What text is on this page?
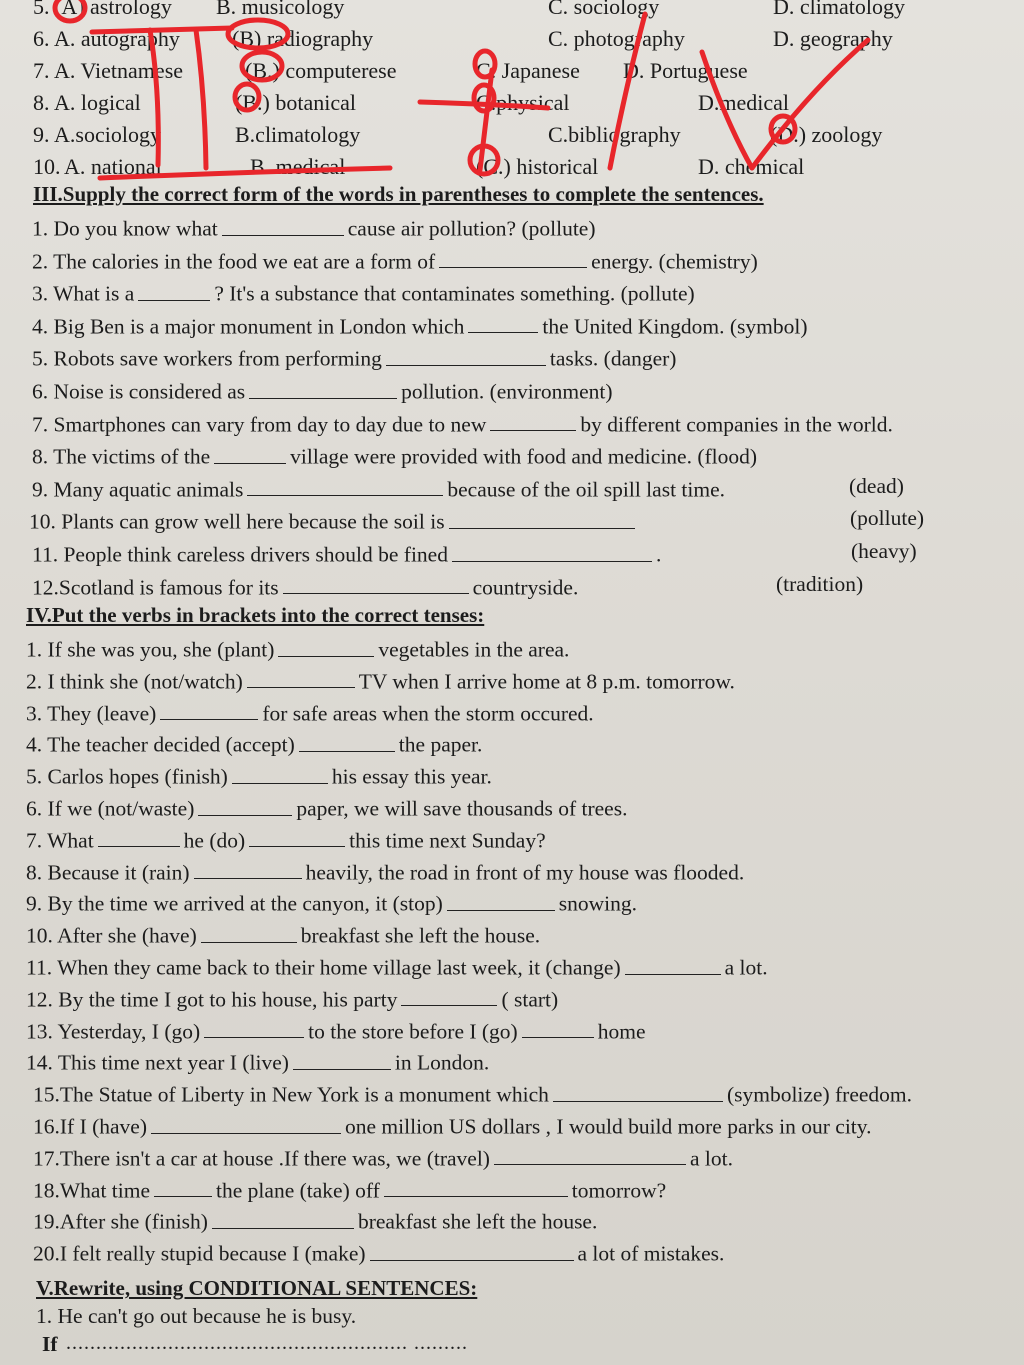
5. (A) astrology B. musicology	C. sociology	D. climatology
6. A. autography (B) radiography	C. photography	D. geography
7. A. Vietnamese	(B.) computerese	C. Japanese D. Portuguese
8. A. logical	(B.) botanical	C.physical	D.medical
9. A.sociology	B.climatology	C.bibliography	(D.) zoology
10. A. national	B. medical	(C.) historical	D. chemical
III.Supply the correct form of the words in parentheses to complete the sentences.
1. Do you know what	cause air pollution? (pollute)
2. The calories in the food we eat are a form of	energy. (chemistry)
3. What is a	? It's a substance that contaminates something. (pollute)
4. Big Ben is a major monument in London which	the United Kingdom. (symbol)
5. Robots save workers from performing	tasks. (danger)
6. Noise is considered as	pollution. (environment)
7. Smartphones can vary from day to day due to new	by different companies in the world.
8. The victims of the	village were provided with food and medicine. (flood)
9. Many aquatic animals	because of the oil spill last time.	(dead)
10. Plants can grow well here because the soil is	(pollute)
11. People think careless drivers should be fined	.	(heavy)
12.Scotland is famous for its	countryside.	(tradition)
IV.Put the verbs in brackets into the correct tenses:
1. If she was you, she (plant)	vegetables in the area.
2. I think she (not/watch)	TV when I arrive home at 8 p.m. tomorrow.
3. They (leave)	for safe areas when the storm occured.
4. The teacher decided (accept)	the paper.
5. Carlos hopes (finish)	his essay this year.
6. If we (not/waste)	paper, we will save thousands of trees.
7. What	he (do)	this time next Sunday?
8. Because it (rain)	heavily, the road in front of my house was flooded.
9. By the time we arrived at the canyon, it (stop)	snowing.
10. After she (have)	breakfast she left the house.
11. When they came back to their home village last week, it (change)	a lot.
12. By the time I got to his house, his party	( start)
13. Yesterday, I (go)	to the store before I (go)	home
14. This time next year I (live)	in London.
15.The Statue of Liberty in New York is a monument which	(symbolize) freedom.
16.If I (have)	one million US dollars , I would build more parks in our city.
17.There isn't a car at house .If there was, we (travel)	a lot.
18.What time	the plane (take) off	tomorrow?
19.After she (finish)	breakfast she left the house.
20.I felt really stupid because I (make)	a lot of mistakes.
V.Rewrite, using CONDITIONAL SENTENCES:
1. He can't go out because he is busy.
If ......................................................... .........
